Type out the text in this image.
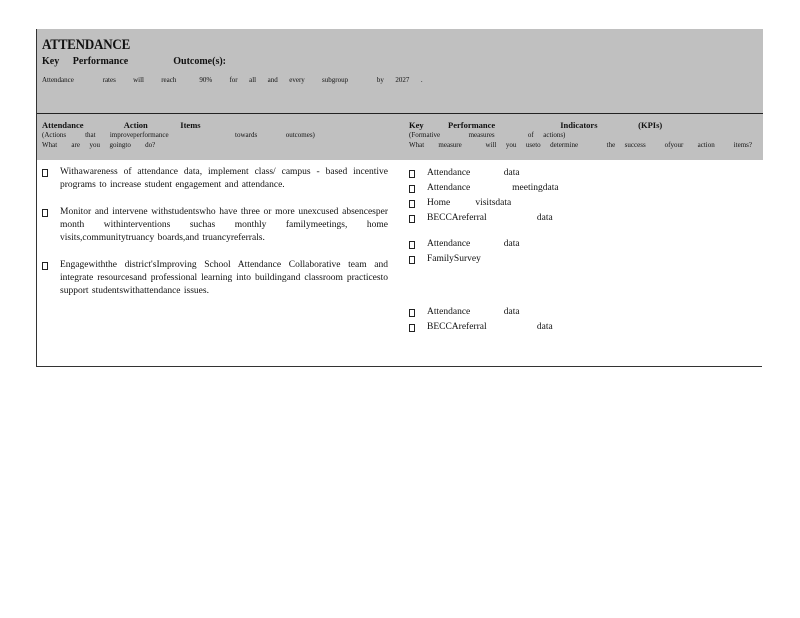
ATTENDANCE
Key   Performance          Outcome(s):
Attendance     rates   will   reach    90%   for  all  and  every   subgroup     by  2027  .
Attendance     Action    Items
(Actions    that   improveperformance              towards      outcomes)
What   are  you  goingto   do?
Key   Performance        Indicators     (KPIs)
(Formative      measures       of  actions)
What   measure     will  you  useto  determine      the  success    ofyour   action    items?
Withawareness of attendance data, implement class/ campus - based incentive programs to increase student engagement and attendance.
Monitor and intervene withstudentswho have three or more unexcused absencesper month withinterventions suchas monthly familymeetings, home visits,communitytruancy boards,and truancyreferrals.
Engagewiththe district'sImproving School Attendance Collaborative team and integrate resourcesand professional learning into buildingand classroom practicesto support studentswithattendance issues.
Attendance    data
Attendance     meetingdata
Home   visitsdata
BECCAreferral      data
Attendance    data
FamilySurvey
Attendance    data
BECCAreferral      data
